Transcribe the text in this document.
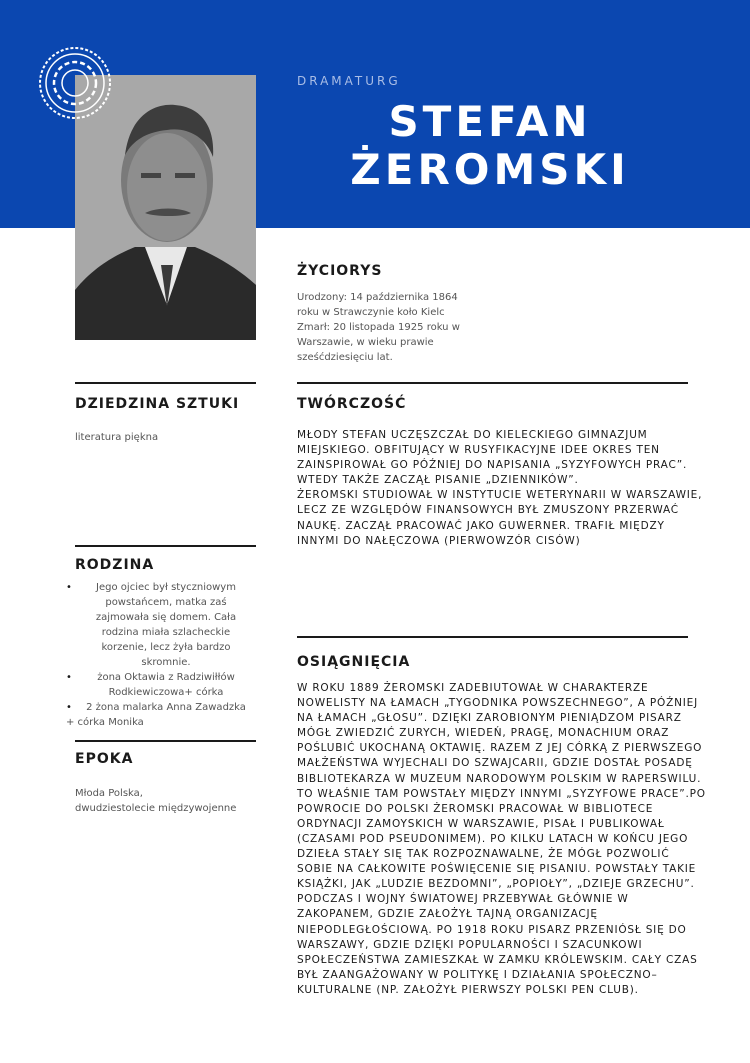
DRAMATURG
STEFAN
ŻEROMSKI
ŻYCIORYS
Urodzony: 14 października 1864
roku w Strawczynie koło Kielc
Zmarł: 20 listopada 1925 roku w
Warszawie, w wieku prawie
sześćdziesięciu lat.
DZIEDZINA SZTUKI
literatura piękna
RODZINA
• Jego ojciec był styczniowym powstańcem, matka zaś zajmowała się domem. Cała rodzina miała szlacheckie korzenie, lecz żyła bardzo skromnie.
• żona Oktawia z Radziwiłłów Rodkiewiczowa+ córka
• 2 żona malarka Anna Zawadzka
+ córka Monika
EPOKA
Młoda Polska,
dwudziestolecie międzywojenne
TWÓRCZOŚĆ
MŁODY STEFAN UCZĘSZCZAŁ DO KIELECKIEGO GIMNAZJUM MIEJSKIEGO. OBFITUJĄCY W RUSYFIKACYJNE IDEE OKRES TEN ZAINSPIROWAŁ GO PÓŹNIEJ DO NAPISANIA „SYZYFOWYCH PRAC”. WTEDY TAKŻE ZACZĄŁ PISANIE „DZIENNIKÓW”.
ŻEROMSKI STUDIOWAŁ W INSTYTUCIE WETERYNARII W WARSZAWIE, LECZ ZE WZGLĘDÓW FINANSOWYCH BYŁ ZMUSZONY PRZERWAĆ NAUKĘ. ZACZĄŁ PRACOWAĆ JAKO GUWERNER. TRAFIŁ MIĘDZY INNYMI DO NAŁĘCZOWA (PIERWOWZÓR CISÓW)
OSIĄGNIĘCIA
W ROKU 1889 ŻEROMSKI ZADEBIUTOWAŁ W CHARAKTERZE NOWELISTY NA ŁAMACH „TYGODNIKA POWSZECHNEGO”, A PÓŹNIEJ NA ŁAMACH „GŁOSU”. DZIĘKI ZAROBIONYM PIENIĄDZOM PISARZ MÓGŁ ZWIEDZIĆ ZURYCH, WIEDEŃ, PRAGĘ, MONACHIUM ORAZ POŚLUBIĆ UKOCHANĄ OKTAWIĘ. RAZEM Z JEJ CÓRKĄ Z PIERWSZEGO MAŁŻEŃSTWA WYJECHALI DO SZWAJCARII, GDZIE DOSTAŁ POSADĘ BIBLIOTEKARZA W MUZEUM NARODOWYM POLSKIM W RAPERSWILU. TO WŁAŚNIE TAM POWSTAŁY MIĘDZY INNYMI „SYZYFOWE PRACE”.PO POWROCIE DO POLSKI ŻEROMSKI PRACOWAŁ W BIBLIOTECE ORDYNACJI ZAMOYSKICH W WARSZAWIE, PISAŁ I PUBLIKOWAŁ (CZASAMI POD PSEUDONIMEM). PO KILKU LATACH W KOŃCU JEGO DZIEŁA STAŁY SIĘ TAK ROZPOZNAWALNE, ŻE MÓGŁ POZWOLIĆ SOBIE NA CAŁKOWITE POŚWIĘCENIE SIĘ PISANIU. POWSTAŁY TAKIE KSIĄŻKI, JAK „LUDZIE BEZDOMNI”, „POPIOŁY”, „DZIEJE GRZECHU”.
PODCZAS I WOJNY ŚWIATOWEJ PRZEBYWAŁ GŁÓWNIE W ZAKOPANEM, GDZIE ZAŁOŻYŁ TAJNĄ ORGANIZACJĘ NIEPODLEGŁOŚCIOWĄ. PO 1918 ROKU PISARZ PRZENIÓSŁ SIĘ DO WARSZAWY, GDZIE DZIĘKI POPULARNOŚCI I SZACUNKOWI SPOŁECZEŃSTWA ZAMIESZKAŁ W ZAMKU KRÓLEWSKIM. CAŁY CZAS BYŁ ZAANGAŻOWANY W POLITYKĘ I DZIAŁANIA SPOŁECZNO–KULTURALNE (NP. ZAŁOŻYŁ PIERWSZY POLSKI PEN CLUB).
